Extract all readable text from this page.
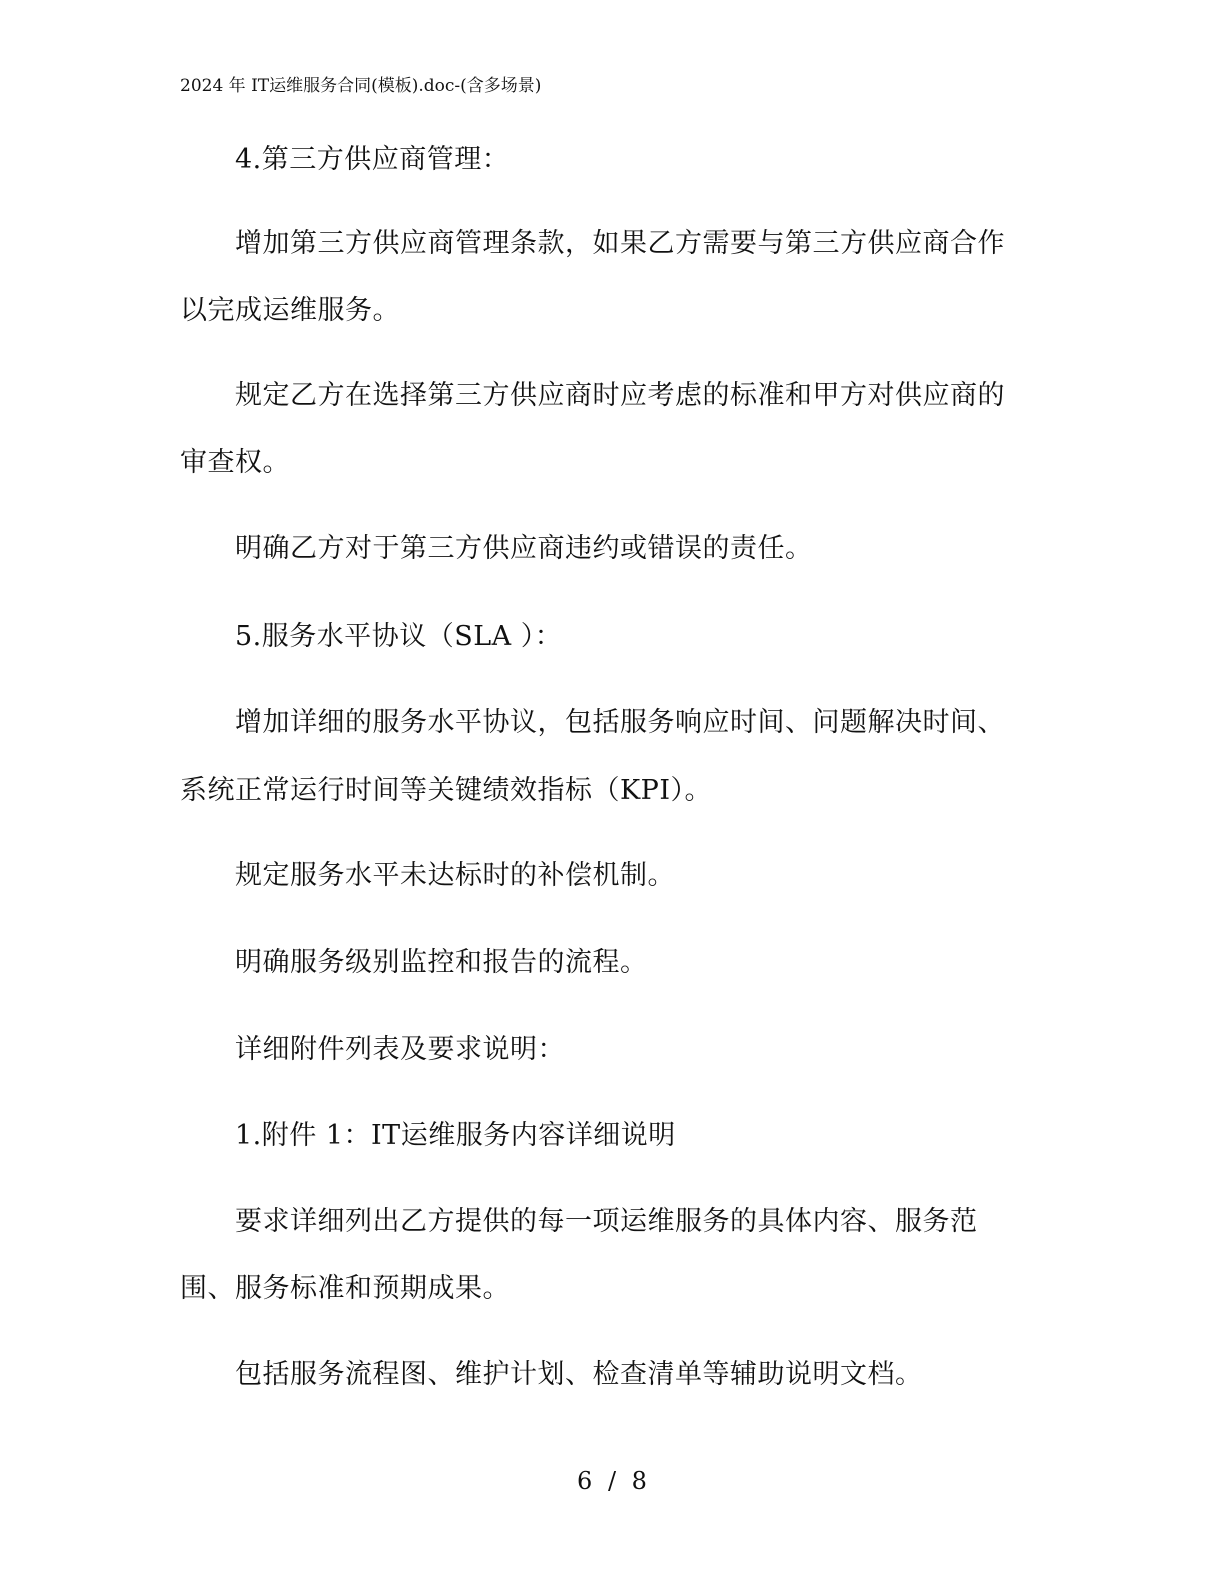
2024 年 IT运维服务合同(模板).doc-(含多场景)
4.第三方供应商管理：
增加第三方供应商管理条款，如果乙方需要与第三方供应商合作
以完成运维服务。
规定乙方在选择第三方供应商时应考虑的标准和甲方对供应商的
审查权。
明确乙方对于第三方供应商违约或错误的责任。
5.服务水平协议（SLA ）：
增加详细的服务水平协议，包括服务响应时间、问题解决时间、
系统正常运行时间等关键绩效指标（KPI）。
规定服务水平未达标时的补偿机制。
明确服务级别监控和报告的流程。
详细附件列表及要求说明：
1.附件 1：IT运维服务内容详细说明
要求详细列出乙方提供的每一项运维服务的具体内容、服务范
围、服务标准和预期成果。
包括服务流程图、维护计划、检查清单等辅助说明文档。
6 / 8
